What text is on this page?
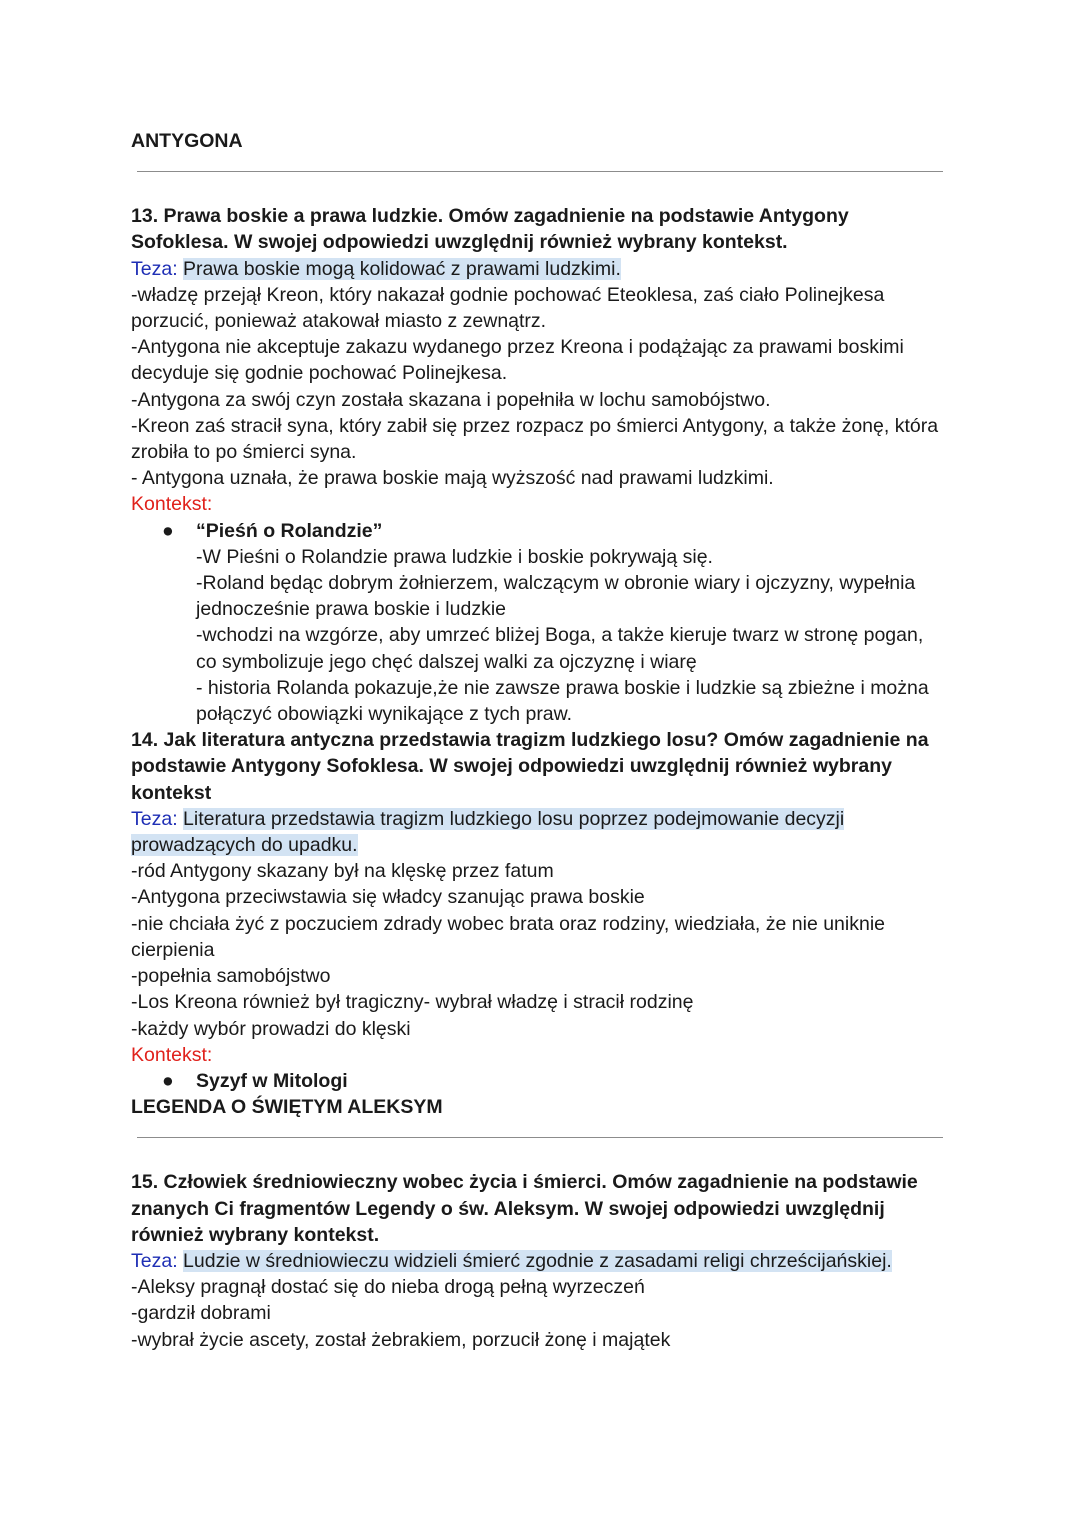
ANTYGONA

13. Prawa boskie a prawa ludzkie. Omów zagadnienie na podstawie Antygony Sofoklesa. W swojej odpowiedzi uwzględnij również wybrany kontekst.

Teza: Prawa boskie mogą kolidować z prawami ludzkimi.

-władzę przejął Kreon, który nakazał godnie pochować Eteoklesa, zaś ciało Polinejkesa porzucić, ponieważ atakował miasto z zewnątrz.

-Antygona nie akceptuje zakazu wydanego przez Kreona i podążając za prawami boskimi decyduje się godnie pochować Polinejkesa.

-Antygona za swój czyn została skazana i popełniła w lochu samobójstwo.

-Kreon zaś stracił syna, który zabił się przez rozpacz po śmierci Antygony, a także żonę, która zrobiła to po śmierci syna.

- Antygona uznała, że prawa boskie mają wyższość nad prawami ludzkimi.

Kontekst:

● “Pieśń o Rolandzie”

-W Pieśni o Rolandzie prawa ludzkie i boskie pokrywają się.

-Roland będąc dobrym żołnierzem, walczącym w obronie wiary i ojczyzny, wypełnia jednocześnie prawa boskie i ludzkie

-wchodzi na wzgórze, aby umrzeć bliżej Boga, a także kieruje twarz w stronę pogan, co symbolizuje jego chęć dalszej walki za ojczyznę i wiarę

- historia Rolanda pokazuje,że nie zawsze prawa boskie i ludzkie są zbieżne i można połączyć obowiązki wynikające z tych praw.

14. Jak literatura antyczna przedstawia tragizm ludzkiego losu? Omów zagadnienie na podstawie Antygony Sofoklesa. W swojej odpowiedzi uwzględnij również wybrany kontekst

Teza: Literatura przedstawia tragizm ludzkiego losu poprzez podejmowanie decyzji prowadzących do upadku.

-ród Antygony skazany był na klęskę przez fatum

-Antygona przeciwstawia się władcy szanując prawa boskie

-nie chciała żyć z poczuciem zdrady wobec brata oraz rodziny, wiedziała, że nie uniknie cierpienia

-popełnia samobójstwo

-Los Kreona również był tragiczny- wybrał władzę i stracił rodzinę

-każdy wybór prowadzi do klęski

Kontekst:

● Syzyf w Mitologi

LEGENDA O ŚWIĘTYM ALEKSYM

15. Człowiek średniowieczny wobec życia i śmierci. Omów zagadnienie na podstawie znanych Ci fragmentów Legendy o św. Aleksym. W swojej odpowiedzi uwzględnij również wybrany kontekst.

Teza: Ludzie w średniowieczu widzieli śmierć zgodnie z zasadami religi chrześcijańskiej.

-Aleksy pragnął dostać się do nieba drogą pełną wyrzeczeń

-gardził dobrami

-wybrał życie ascety, został żebrakiem, porzucił żonę i majątek
